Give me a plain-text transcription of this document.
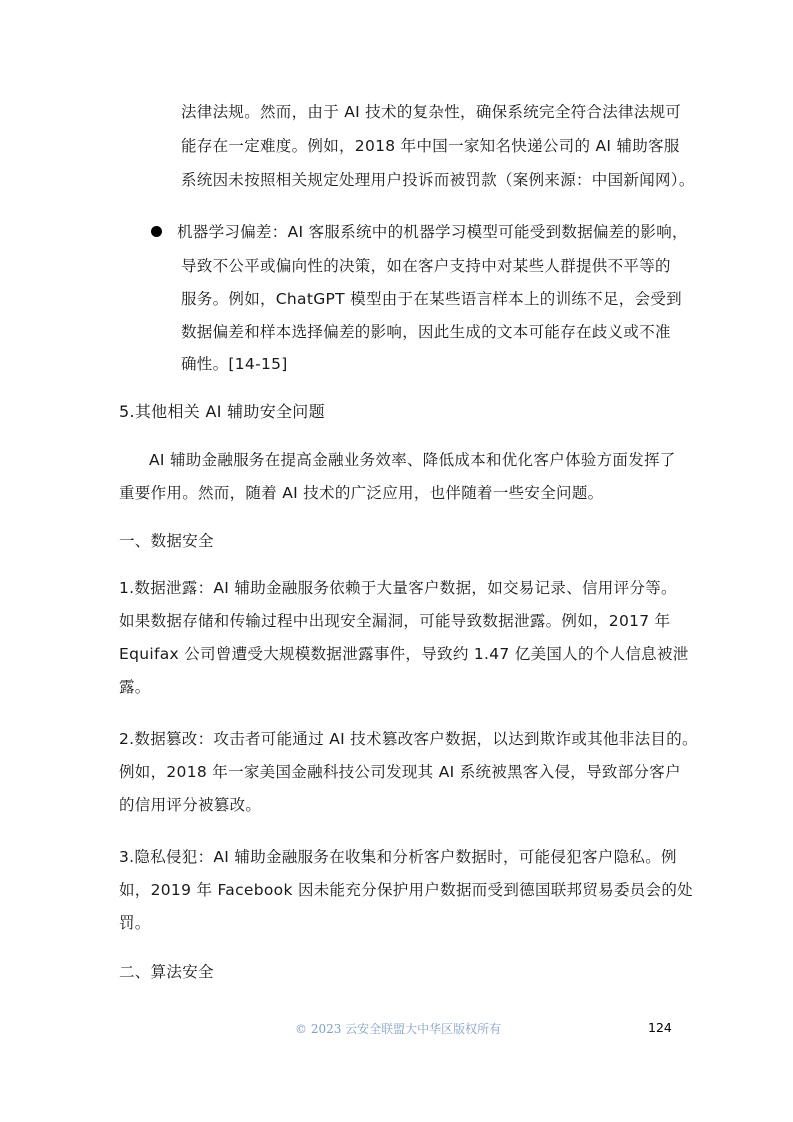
法律法规。然而，由于 AI 技术的复杂性，确保系统完全符合法律法规可
能存在一定难度。例如，2018 年中国一家知名快递公司的 AI 辅助客服
系统因未按照相关规定处理用户投诉而被罚款（案例来源：中国新闻网）。
机器学习偏差：AI 客服系统中的机器学习模型可能受到数据偏差的影响，
导致不公平或偏向性的决策，如在客户支持中对某些人群提供不平等的
服务。例如，ChatGPT 模型由于在某些语言样本上的训练不足，会受到
数据偏差和样本选择偏差的影响，因此生成的文本可能存在歧义或不准
确性。[14-15]
5.其他相关 AI 辅助安全问题
AI 辅助金融服务在提高金融业务效率、降低成本和优化客户体验方面发挥了
重要作用。然而，随着 AI 技术的广泛应用，也伴随着一些安全问题。
一、数据安全
1.数据泄露：AI 辅助金融服务依赖于大量客户数据，如交易记录、信用评分等。
如果数据存储和传输过程中出现安全漏洞，可能导致数据泄露。例如，2017 年
Equifax 公司曾遭受大规模数据泄露事件，导致约 1.47 亿美国人的个人信息被泄
露。
2.数据篡改：攻击者可能通过 AI 技术篡改客户数据，以达到欺诈或其他非法目的。
例如，2018 年一家美国金融科技公司发现其 AI 系统被黑客入侵，导致部分客户
的信用评分被篡改。
3.隐私侵犯：AI 辅助金融服务在收集和分析客户数据时，可能侵犯客户隐私。例
如，2019 年 Facebook 因未能充分保护用户数据而受到德国联邦贸易委员会的处
罚。
二、算法安全
© 2023 云安全联盟大中华区版权所有	124
